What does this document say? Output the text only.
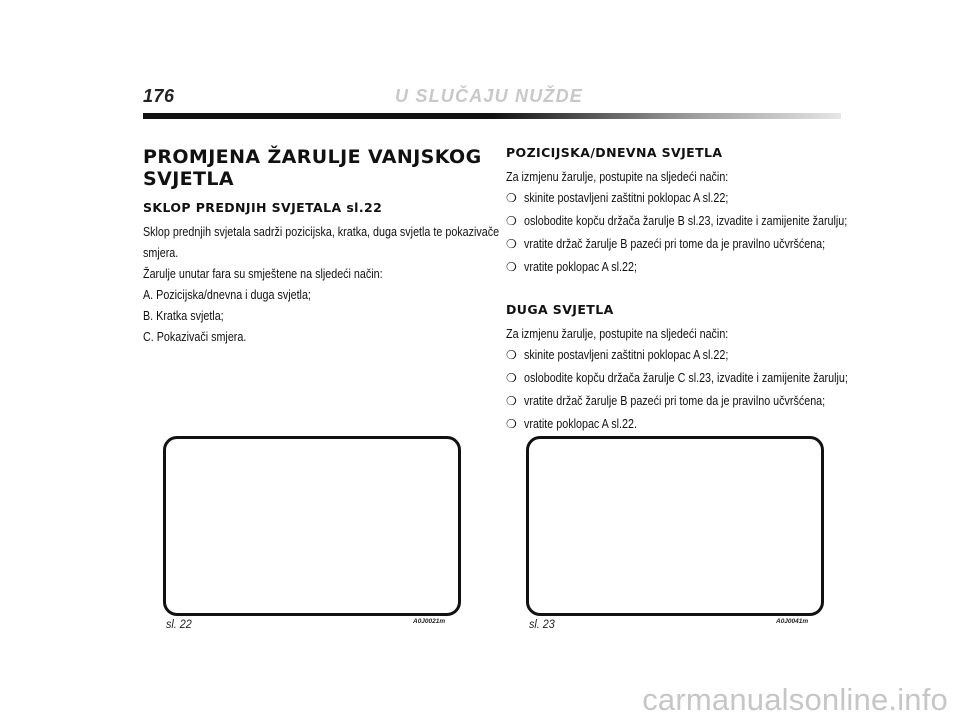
176	U SLUČAJU NUŽDE
PROMJENA ŽARULJE VANJSKOG
SVJETLA
SKLOP PREDNJIH SVJETALA sl.22

Sklop prednjih svjetala sadrži pozicijska, kratka, duga svjetla te pokazivače

smjera.

Žarulje unutar fara su smještene na sljedeći način:

A. Pozicijska/dnevna i duga svjetla;

B. Kratka svjetla;

C. Pokazivači smjera.

POZICIJSKA/DNEVNA SVJETLA

Za izmjenu žarulje, postupite na sljedeći način:

❍ skinite postavljeni zaštitni poklopac A sl.22;
❍ oslobodite kopču držača žarulje B sl.23, izvadite i zamijenite žarulju;
❍ vratite držač žarulje B pazeći pri tome da je pravilno učvršćena;
❍ vratite poklopac A sl.22;
DUGA SVJETLA

Za izmjenu žarulje, postupite na sljedeći način:

❍ skinite postavljeni zaštitni poklopac A sl.22;
❍ oslobodite kopču držača žarulje C sl.23, izvadite i zamijenite žarulju;
❍ vratite držač žarulje B pazeći pri tome da je pravilno učvršćena;
❍ vratite poklopac A sl.22.
sl. 22	A0J0021m	sl. 23	A0J0041m
carmanualsonline.info
